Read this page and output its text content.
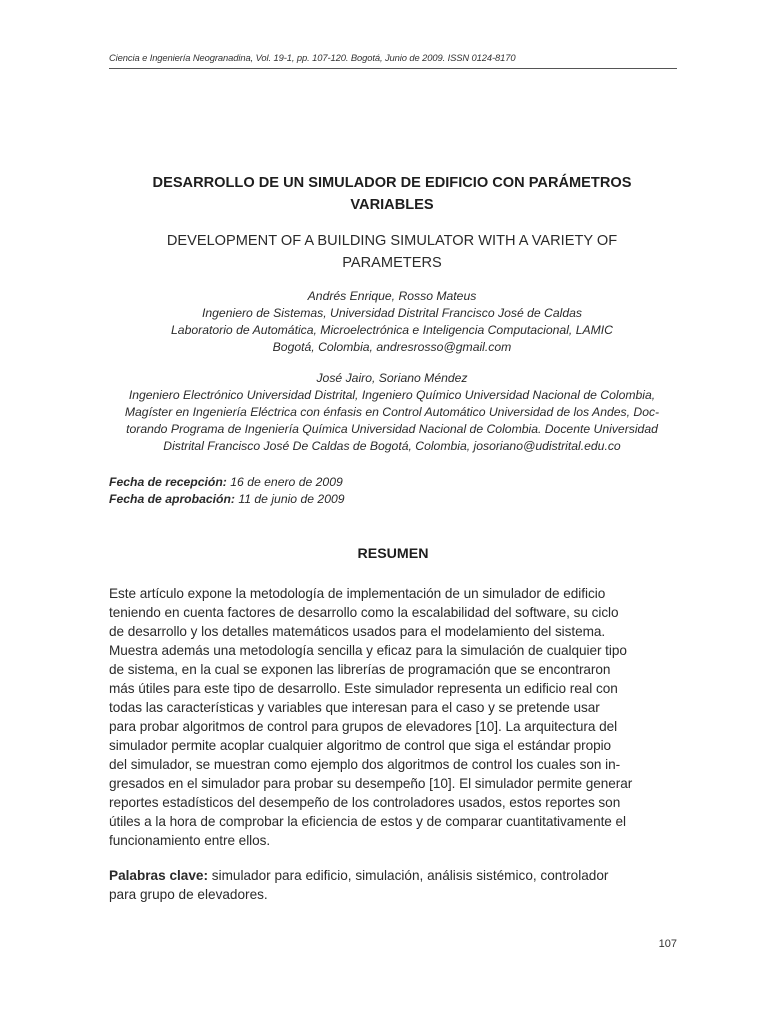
Ciencia e Ingeniería Neogranadina, Vol. 19-1, pp. 107-120. Bogotá, Junio de 2009. ISSN 0124-8170
DESARROLLO DE UN SIMULADOR DE EDIFICIO CON PARÁMETROS
VARIABLES
DEVELOPMENT OF A BUILDING SIMULATOR WITH A VARIETY OF
PARAMETERS
Andrés Enrique, Rosso Mateus
Ingeniero de Sistemas, Universidad Distrital Francisco José de Caldas
Laboratorio de Automática, Microelectrónica e Inteligencia Computacional, LAMIC
Bogotá, Colombia, andresrosso@gmail.com
José Jairo, Soriano Méndez
Ingeniero Electrónico Universidad Distrital, Ingeniero Químico Universidad Nacional de Colombia,
Magíster en Ingeniería Eléctrica con énfasis en Control Automático Universidad de los Andes, Doc-
torando Programa de Ingeniería Química Universidad Nacional de Colombia. Docente Universidad
Distrital Francisco José De Caldas de Bogotá, Colombia, josoriano@udistrital.edu.co
Fecha de recepción: 16 de enero de 2009
Fecha de aprobación: 11 de junio de 2009
RESUMEN
Este artículo expone la metodología de implementación de un simulador de edificio
teniendo en cuenta factores de desarrollo como la escalabilidad del software, su ciclo
de desarrollo y los detalles matemáticos usados para el modelamiento del sistema.
Muestra además una metodología sencilla y eficaz para la simulación de cualquier tipo
de sistema, en la cual se exponen las librerías de programación que se encontraron
más útiles para este tipo de desarrollo. Este simulador representa un edificio real con
todas las características y variables que interesan para el caso y se pretende usar
para probar algoritmos de control para grupos de elevadores [10]. La arquitectura del
simulador permite acoplar cualquier algoritmo de control que siga el estándar propio
del simulador, se muestran como ejemplo dos algoritmos de control los cuales son in-
gresados en el simulador para probar su desempeño [10]. El simulador permite generar
reportes estadísticos del desempeño de los controladores usados, estos reportes son
útiles a la hora de comprobar la eficiencia de estos y de comparar cuantitativamente el
funcionamiento entre ellos.
Palabras clave: simulador para edificio, simulación, análisis sistémico, controlador
para grupo de elevadores.
107
